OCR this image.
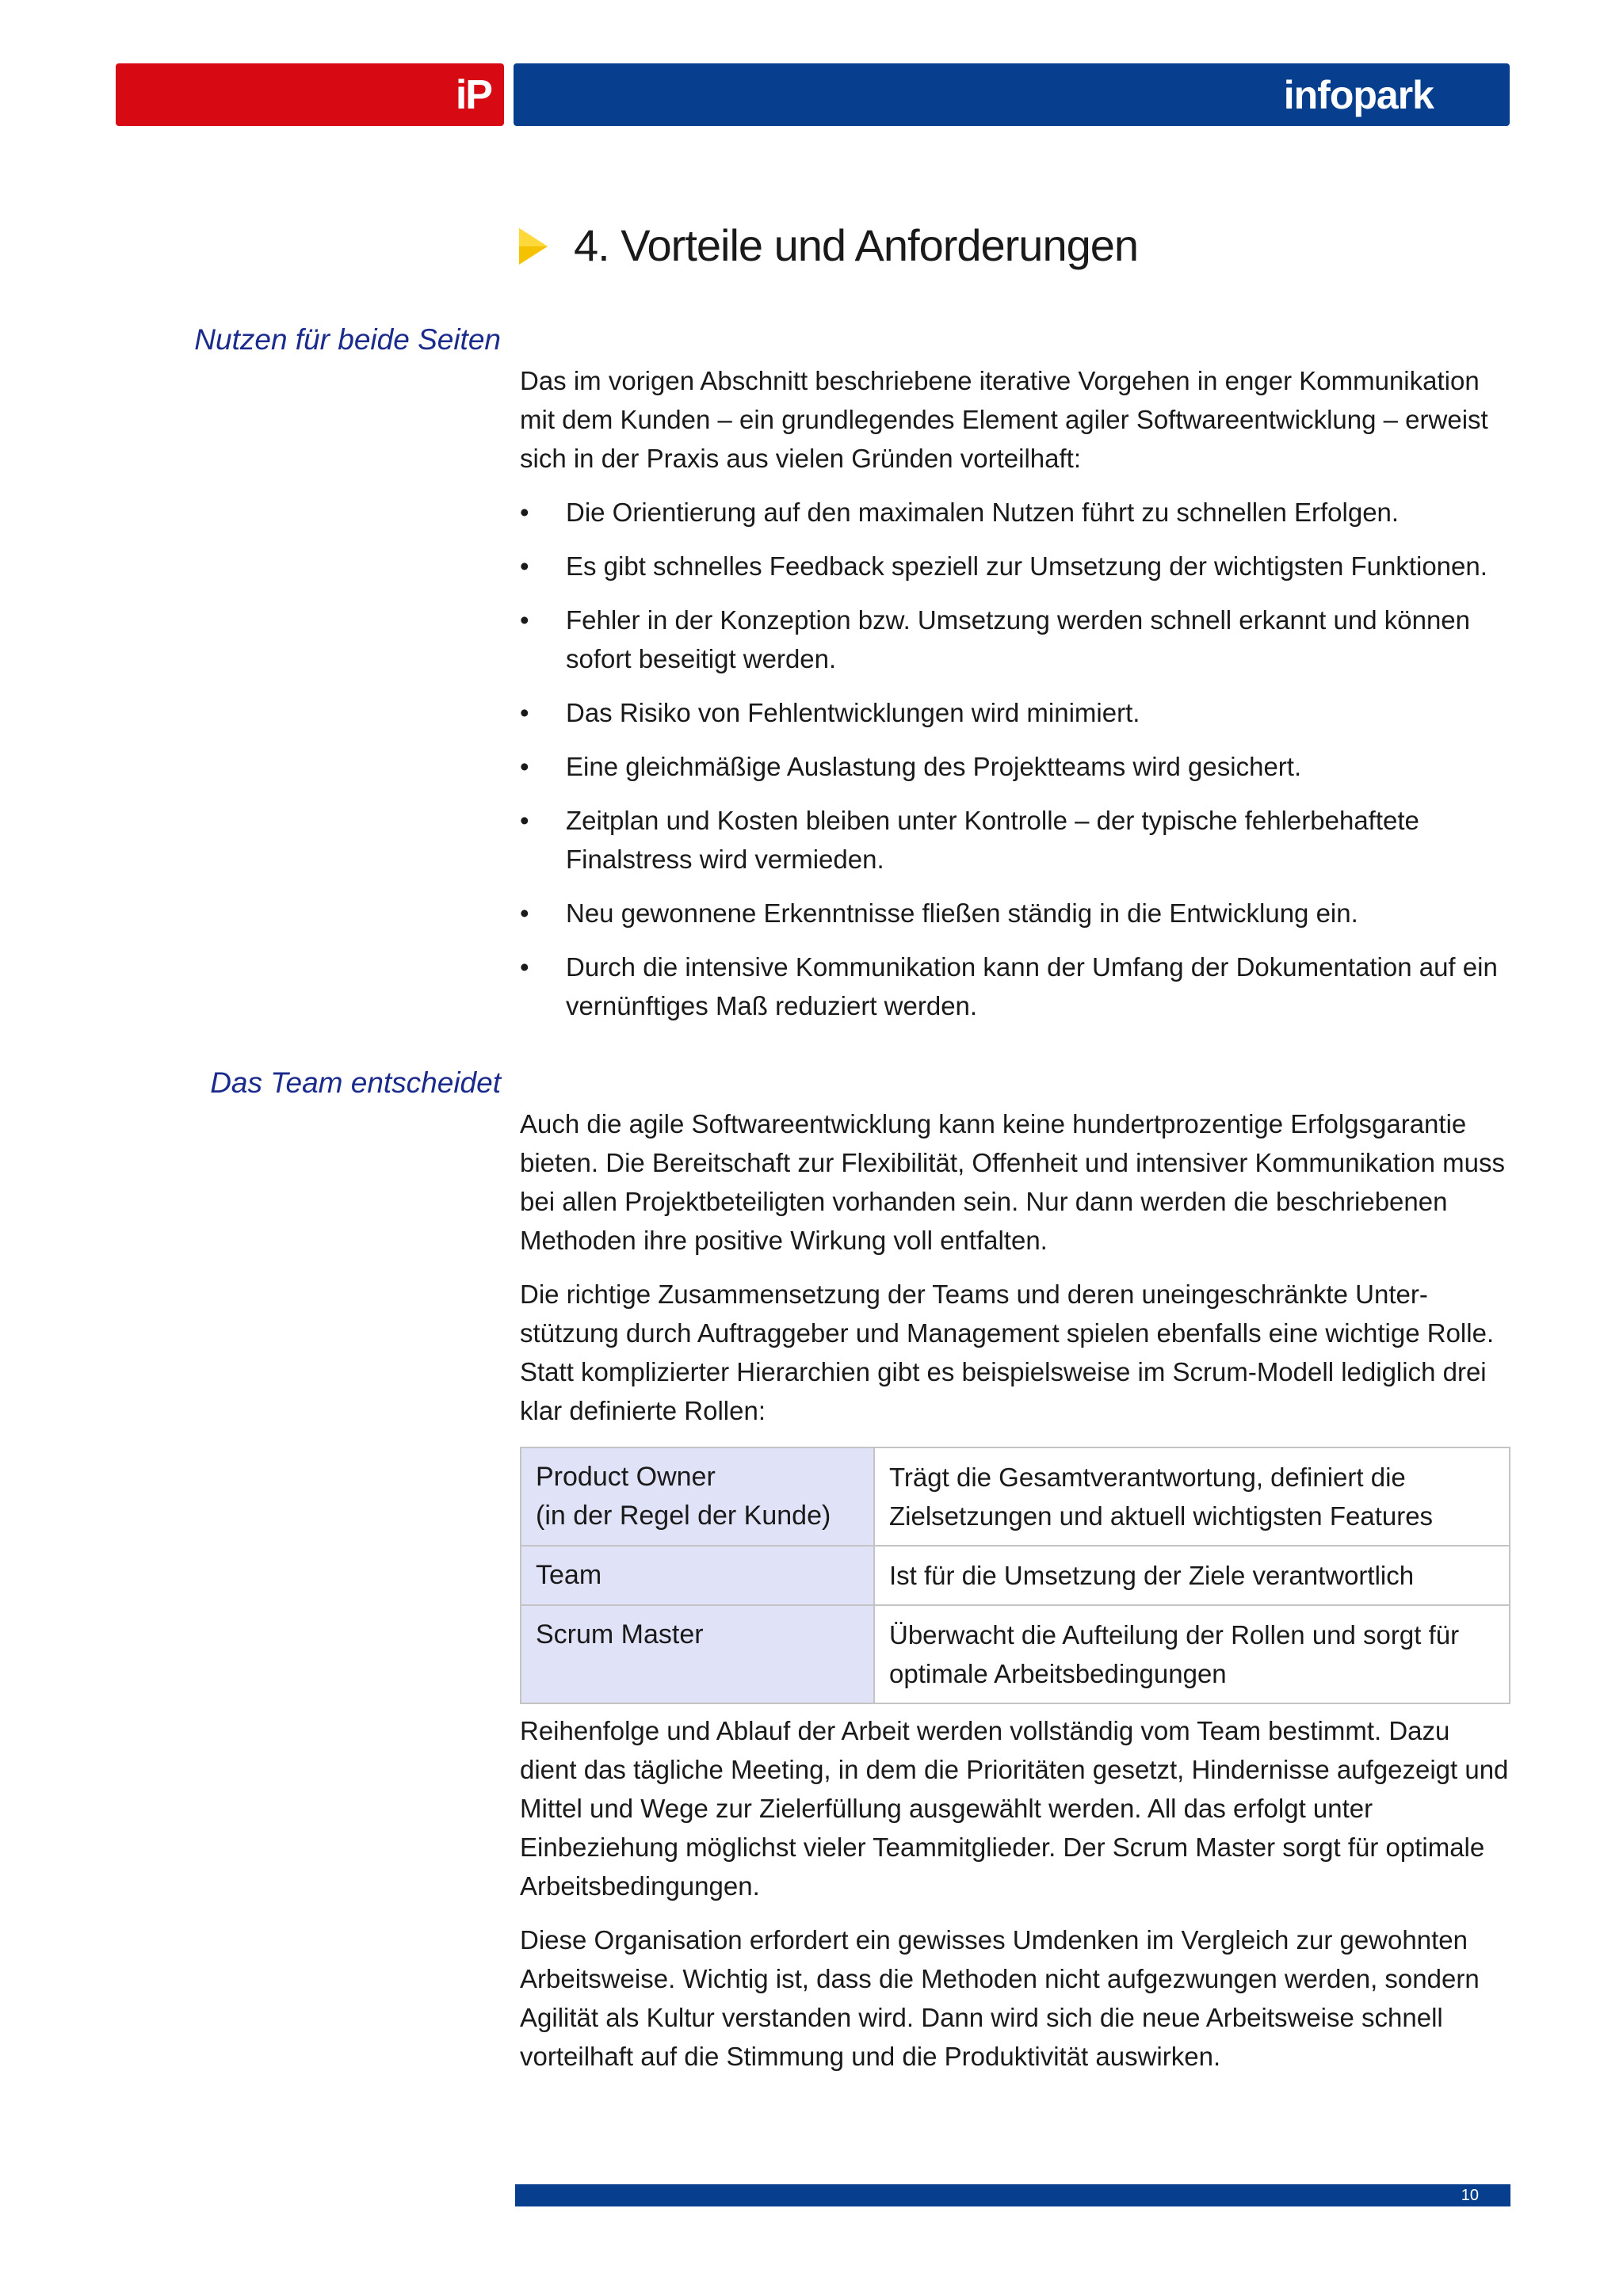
iP	infopark
4. Vorteile und Anforderungen
Nutzen für beide Seiten

Das im vorigen Abschnitt beschriebene iterative Vorgehen in enger Kommunikation mit dem Kunden – ein grundlegendes Element agiler Softwareentwicklung – erweist sich in der Praxis aus vielen Gründen vorteilhaft:

• Die Orientierung auf den maximalen Nutzen führt zu schnellen Erfolgen.
• Es gibt schnelles Feedback speziell zur Umsetzung der wichtigsten Funktionen.
• Fehler in der Konzeption bzw. Umsetzung werden schnell erkannt und können sofort beseitigt werden.
• Das Risiko von Fehlentwicklungen wird minimiert.
• Eine gleichmäßige Auslastung des Projektteams wird gesichert.
• Zeitplan und Kosten bleiben unter Kontrolle – der typische fehlerbehaftete Finalstress wird vermieden.
• Neu gewonnene Erkenntnisse fließen ständig in die Entwicklung ein.
• Durch die intensive Kommunikation kann der Umfang der Dokumentation auf ein vernünftiges Maß reduziert werden.
Das Team entscheidet

Auch die agile Softwareentwicklung kann keine hundertprozentige Erfolgsgarantie bieten. Die Bereitschaft zur Flexibilität, Offenheit und intensiver Kommunikation muss bei allen Projektbeteiligten vorhanden sein. Nur dann werden die beschriebenen Methoden ihre positive Wirkung voll entfalten.

Die richtige Zusammensetzung der Teams und deren uneingeschränkte Unter-stützung durch Auftraggeber und Management spielen ebenfalls eine wichtige Rolle. Statt komplizierter Hierarchien gibt es beispielsweise im Scrum-Modell lediglich drei klar definierte Rollen:

Product Owner
(in der Regel der Kunde)	Trägt die Gesamtverantwortung, definiert die Zielsetzungen und aktuell wichtigsten Features

Team	Ist für die Umsetzung der Ziele verantwortlich

Scrum Master	Überwacht die Aufteilung der Rollen und sorgt für optimale Arbeitsbedingungen

Reihenfolge und Ablauf der Arbeit werden vollständig vom Team bestimmt. Dazu dient das tägliche Meeting, in dem die Prioritäten gesetzt, Hindernisse aufgezeigt und Mittel und Wege zur Zielerfüllung ausgewählt werden. All das erfolgt unter Einbeziehung möglichst vieler Teammitglieder. Der Scrum Master sorgt für optimale Arbeitsbedingungen.

Diese Organisation erfordert ein gewisses Umdenken im Vergleich zur gewohnten Arbeitsweise. Wichtig ist, dass die Methoden nicht aufgezwungen werden, sondern Agilität als Kultur verstanden wird. Dann wird sich die neue Arbeitsweise schnell vorteilhaft auf die Stimmung und die Produktivität auswirken.

10
